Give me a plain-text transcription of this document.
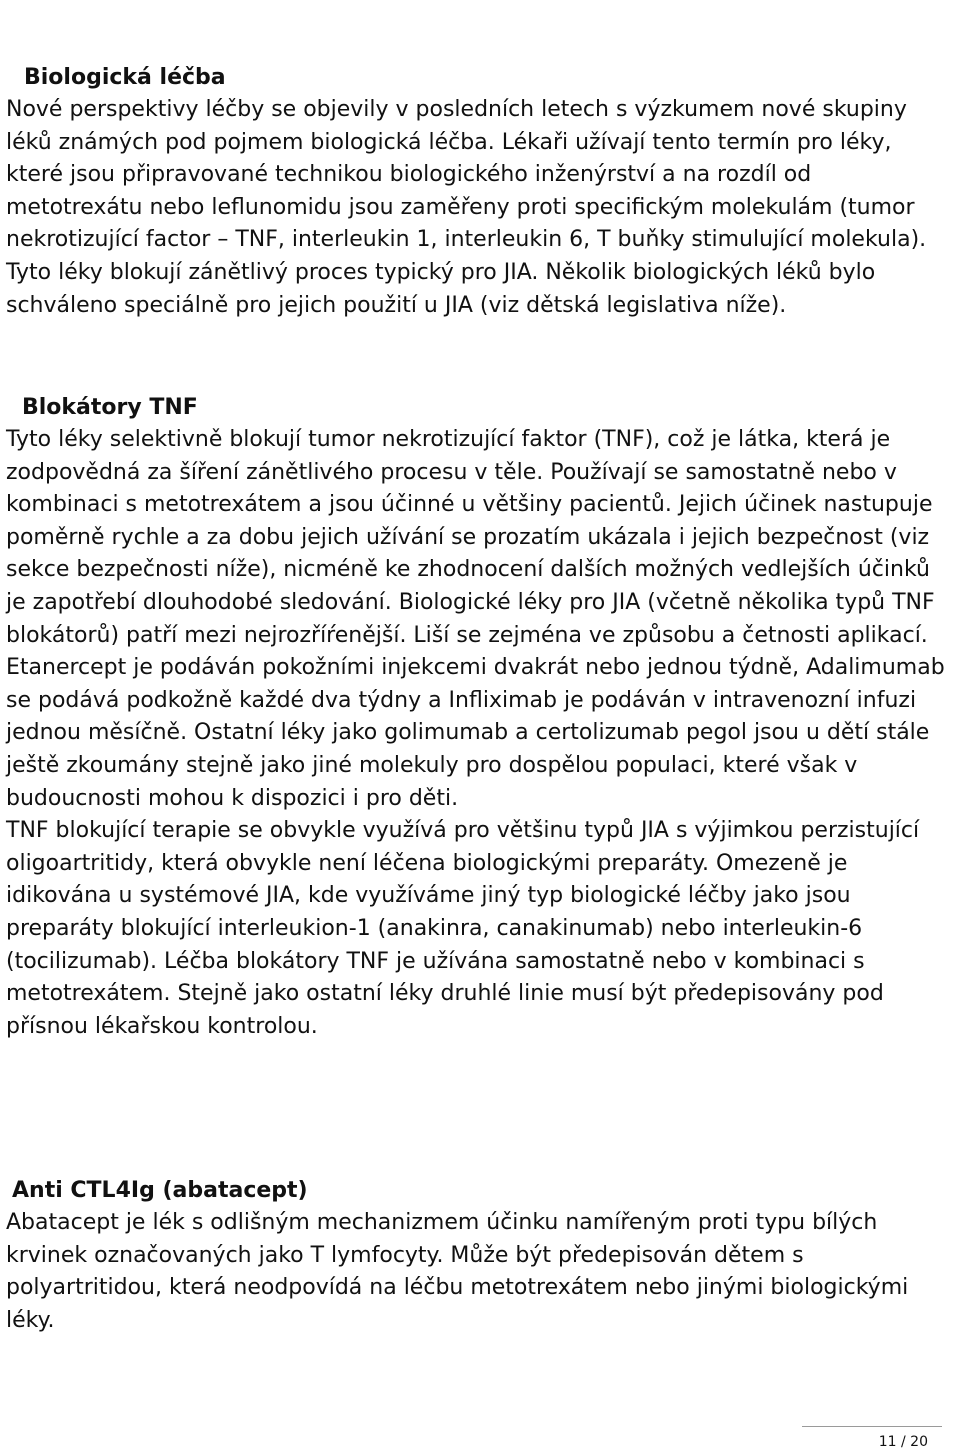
Biologická léčba

Nové perspektivy léčby se objevily v posledních letech s výzkumem nové skupiny léků známých pod pojmem biologická léčba. Lékaři užívají tento termín pro léky, které jsou připravované technikou biologického inženýrství a na rozdíl od metotrexátu nebo leflunomidu jsou zaměřeny proti specifickým molekulám (tumor nekrotizující factor – TNF, interleukin 1, interleukin 6, T buňky stimulující molekula). Tyto léky blokují zánětlivý proces typický pro JIA. Několik biologických léků bylo schváleno speciálně pro jejich použití u JIA (viz dětská legislativa níže).

Blokátory TNF

Tyto léky selektivně blokují tumor nekrotizující faktor (TNF), což je látka, která je zodpovědná za šíření zánětlivého procesu v těle. Používají se samostatně nebo v kombinaci s metotrexátem a jsou účinné u většiny pacientů. Jejich účinek nastupuje poměrně rychle a za dobu jejich užívání se prozatím ukázala i jejich bezpečnost (viz sekce bezpečnosti níže), nicméně ke zhodnocení dalších možných vedlejších účinků je zapotřebí dlouhodobé sledování. Biologické léky pro JIA (včetně několika typů TNF blokátorů) patří mezi nejrozříŕenější. Liší se zejména ve způsobu a četnosti aplikací. Etanercept je podáván pokožními injekcemi dvakrát nebo jednou týdně, Adalimumab se podává podkožně každé dva týdny a Infliximab je podáván v intravenozní infuzi jednou měsíčně. Ostatní léky jako golimumab a certolizumab pegol jsou u dětí stále ještě zkoumány stejně jako jiné molekuly pro dospělou populaci, které však v budoucnosti mohou k dispozici i pro děti.

TNF blokující terapie se obvykle využívá pro většinu typů JIA s výjimkou perzistující oligoartritidy, která obvykle není léčena biologickými preparáty. Omezeně je idikována u systémové JIA, kde využíváme jiný typ biologické léčby jako jsou preparáty blokující interleukion-1 (anakinra, canakinumab) nebo interleukin-6 (tocilizumab). Léčba blokátory TNF je užívána samostatně nebo v kombinaci s metotrexátem. Stejně jako ostatní léky druhlé linie musí být předepisovány pod přísnou lékařskou kontrolou.

Anti CTL4Ig (abatacept)

Abatacept je lék s odlišným mechanizmem účinku namířeným proti typu bílých krvinek označovaných jako T lymfocyty. Může být předepisován dětem s polyartritidou, která neodpovídá na léčbu metotrexátem nebo jinými biologickými léky.

11 / 20
